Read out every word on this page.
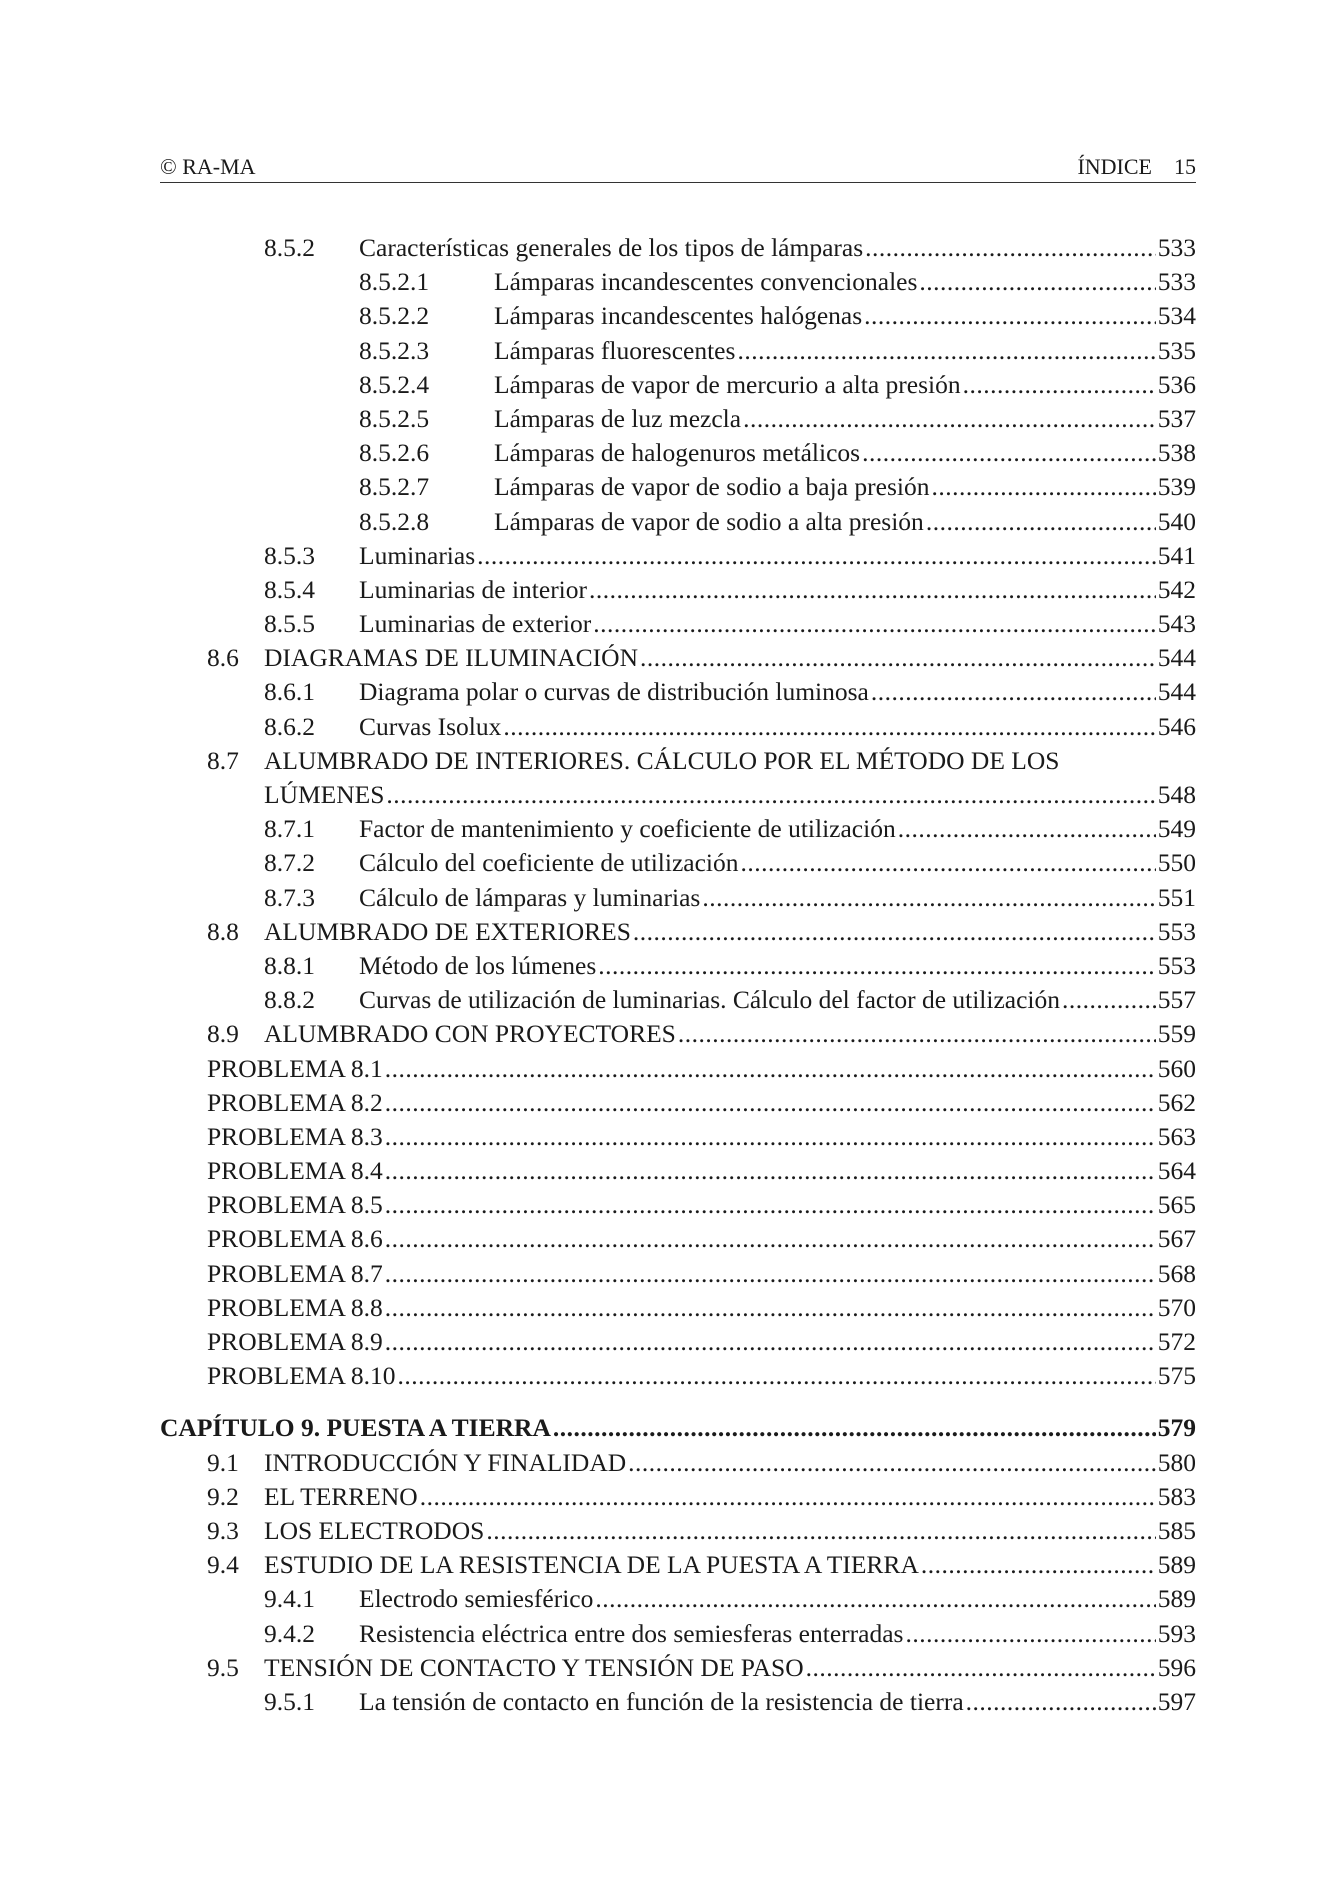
© RA-MA	ÍNDICE 15
8.5.2 Características generales de los tipos de lámparas .....	533
8.5.2.1	Lámparas incandescentes convencionales .....	533
8.5.2.2	Lámparas incandescentes halógenas .....	534
8.5.2.3	Lámparas fluorescentes .....	535
8.5.2.4	Lámparas de vapor de mercurio a alta presión .....	536
8.5.2.5	Lámparas de luz mezcla .....	537
8.5.2.6	Lámparas de halogenuros metálicos .....	538
8.5.2.7	Lámparas de vapor de sodio a baja presión .....	539
8.5.2.8	Lámparas de vapor de sodio a alta presión .....	540
8.5.3 Luminarias .....	541
8.5.4 Luminarias de interior .....	542
8.5.5 Luminarias de exterior .....	543
8.6 DIAGRAMAS DE ILUMINACIÓN .....	544
8.6.1 Diagrama polar o curvas de distribución luminosa .....	544
8.6.2 Curvas Isolux .....	546
8.7 ALUMBRADO DE INTERIORES. CÁLCULO POR EL MÉTODO DE LOS
LÚMENES .....	548
8.7.1 Factor de mantenimiento y coeficiente de utilización .....	549
8.7.2 Cálculo del coeficiente de utilización .....	550
8.7.3 Cálculo de lámparas y luminarias .....	551
8.8 ALUMBRADO DE EXTERIORES .....	553
8.8.1 Método de los lúmenes .....	553
8.8.2 Curvas de utilización de luminarias. Cálculo del factor de utilización .....	557
8.9 ALUMBRADO CON PROYECTORES .....	559
PROBLEMA 8.1 .....	560
PROBLEMA 8.2 .....	562
PROBLEMA 8.3 .....	563
PROBLEMA 8.4 .....	564
PROBLEMA 8.5 .....	565
PROBLEMA 8.6 .....	567
PROBLEMA 8.7 .....	568
PROBLEMA 8.8 .....	570
PROBLEMA 8.9 .....	572
PROBLEMA 8.10 .....	575
CAPÍTULO 9. PUESTA A TIERRA .....	579
9.1 INTRODUCCIÓN Y FINALIDAD .....	580
9.2 EL TERRENO .....	583
9.3 LOS ELECTRODOS .....	585
9.4 ESTUDIO DE LA RESISTENCIA DE LA PUESTA A TIERRA .....	589
9.4.1 Electrodo semiesférico .....	589
9.4.2 Resistencia eléctrica entre dos semiesferas enterradas .....	593
9.5 TENSIÓN DE CONTACTO Y TENSIÓN DE PASO .....	596
9.5.1 La tensión de contacto en función de la resistencia de tierra .....	597
